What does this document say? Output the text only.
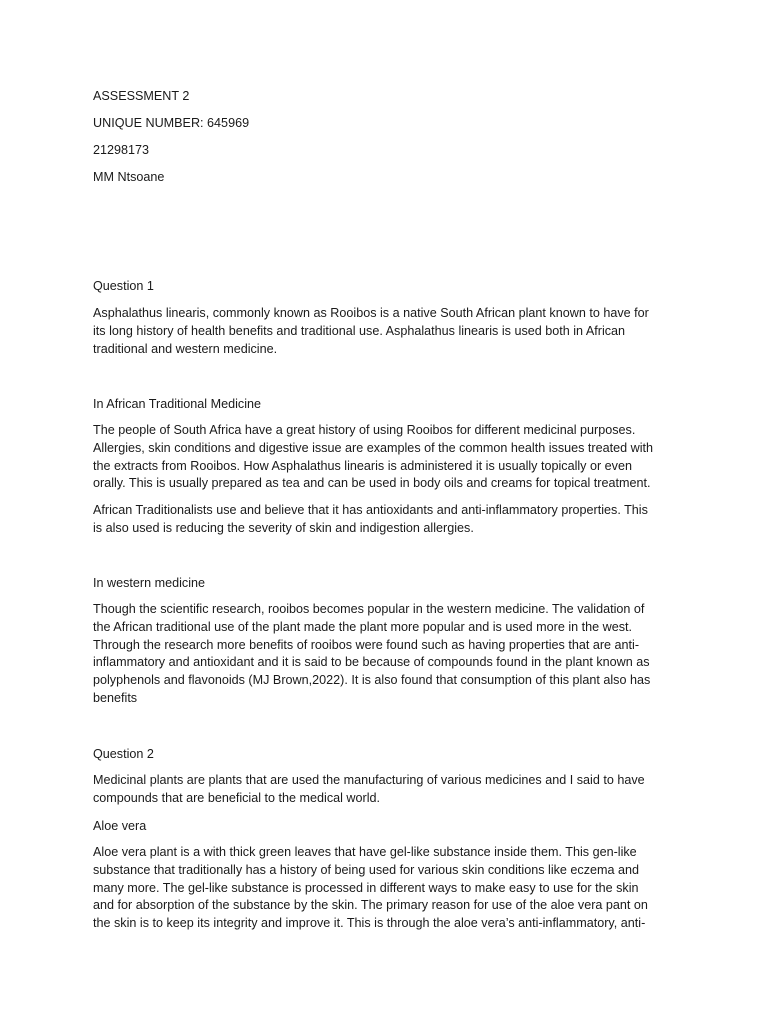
ASSESSMENT 2
UNIQUE NUMBER: 645969
21298173
MM Ntsoane
Question 1
Asphalathus linearis, commonly known as Rooibos is a native South African plant known to have for
its long history of health benefits and traditional use. Asphalathus linearis is used both in African
traditional and western medicine.
In African Traditional Medicine
The people of South Africa have a great history of using Rooibos for different medicinal purposes.
Allergies, skin conditions and digestive issue are examples of the common health issues treated with
the extracts from Rooibos. How Asphalathus linearis is administered it is usually topically or even
orally. This is usually prepared as tea and can be used in body oils and creams for topical treatment.
African Traditionalists use and believe that it has antioxidants and anti-inflammatory properties. This
is also used is reducing the severity of skin and indigestion allergies.
In western medicine
Though the scientific research, rooibos becomes popular in the western medicine. The validation of
the African traditional use of the plant made the plant more popular and is used more in the west.
Through the research more benefits of rooibos were found such as having properties that are anti-
inflammatory and antioxidant and it is said to be because of compounds found in the plant known as
polyphenols and flavonoids (MJ Brown,2022). It is also found that consumption of this plant also has
benefits
Question 2
Medicinal plants are plants that are used the manufacturing of various medicines and I said to have
compounds that are beneficial to the medical world.
Aloe vera
Aloe vera plant is a with thick green leaves that have gel-like substance inside them. This gen-like
substance that traditionally has a history of being used for various skin conditions like eczema and
many more. The gel-like substance is processed in different ways to make easy to use for the skin
and for absorption of the substance by the skin. The primary reason for use of the aloe vera pant on
the skin is to keep its integrity and improve it. This is through the aloe vera’s anti-inflammatory, anti-
